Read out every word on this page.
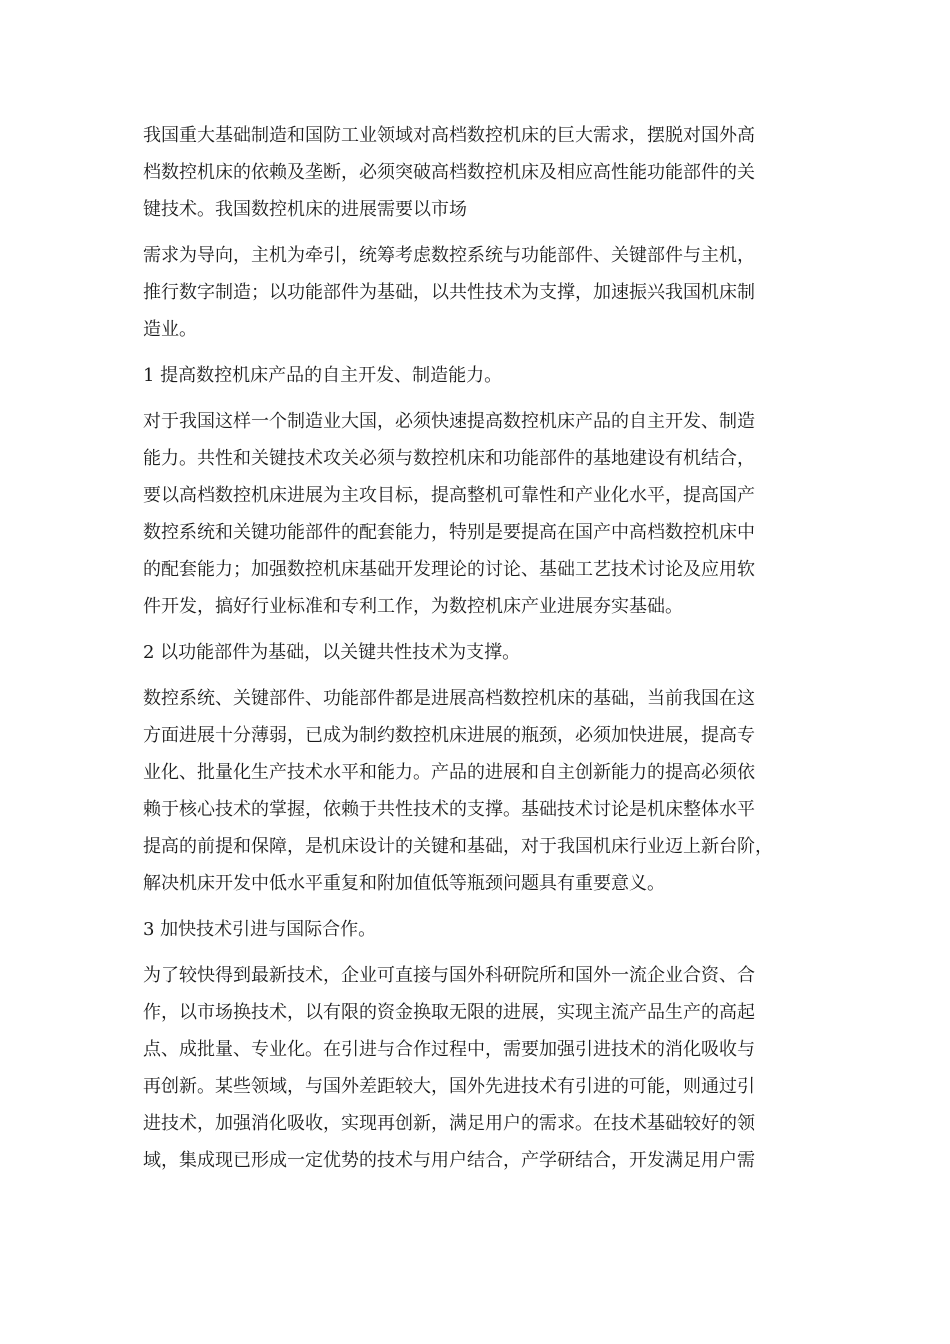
我国重大基础制造和国防工业领域对高档数控机床的巨大需求，摆脱对国外高
档数控机床的依赖及垄断，必须突破高档数控机床及相应高性能功能部件的关
键技术。我国数控机床的进展需要以市场
需求为导向，主机为牵引，统筹考虑数控系统与功能部件、关键部件与主机，
推行数字制造；以功能部件为基础，以共性技术为支撑，加速振兴我国机床制
造业。
1 提高数控机床产品的自主开发、制造能力。
对于我国这样一个制造业大国，必须快速提高数控机床产品的自主开发、制造
能力。共性和关键技术攻关必须与数控机床和功能部件的基地建设有机结合，
要以高档数控机床进展为主攻目标，提高整机可靠性和产业化水平，提高国产
数控系统和关键功能部件的配套能力，特别是要提高在国产中高档数控机床中
的配套能力；加强数控机床基础开发理论的讨论、基础工艺技术讨论及应用软
件开发，搞好行业标准和专利工作，为数控机床产业进展夯实基础。
2 以功能部件为基础，以关键共性技术为支撑。
数控系统、关键部件、功能部件都是进展高档数控机床的基础，当前我国在这
方面进展十分薄弱，已成为制约数控机床进展的瓶颈，必须加快进展，提高专
业化、批量化生产技术水平和能力。产品的进展和自主创新能力的提高必须依
赖于核心技术的掌握，依赖于共性技术的支撑。基础技术讨论是机床整体水平
提高的前提和保障，是机床设计的关键和基础，对于我国机床行业迈上新台阶，
解决机床开发中低水平重复和附加值低等瓶颈问题具有重要意义。
3 加快技术引进与国际合作。
为了较快得到最新技术，企业可直接与国外科研院所和国外一流企业合资、合
作，以市场换技术，以有限的资金换取无限的进展，实现主流产品生产的高起
点、成批量、专业化。在引进与合作过程中，需要加强引进技术的消化吸收与
再创新。某些领域，与国外差距较大，国外先进技术有引进的可能，则通过引
进技术，加强消化吸收，实现再创新，满足用户的需求。在技术基础较好的领
域，集成现已形成一定优势的技术与用户结合，产学研结合，开发满足用户需
